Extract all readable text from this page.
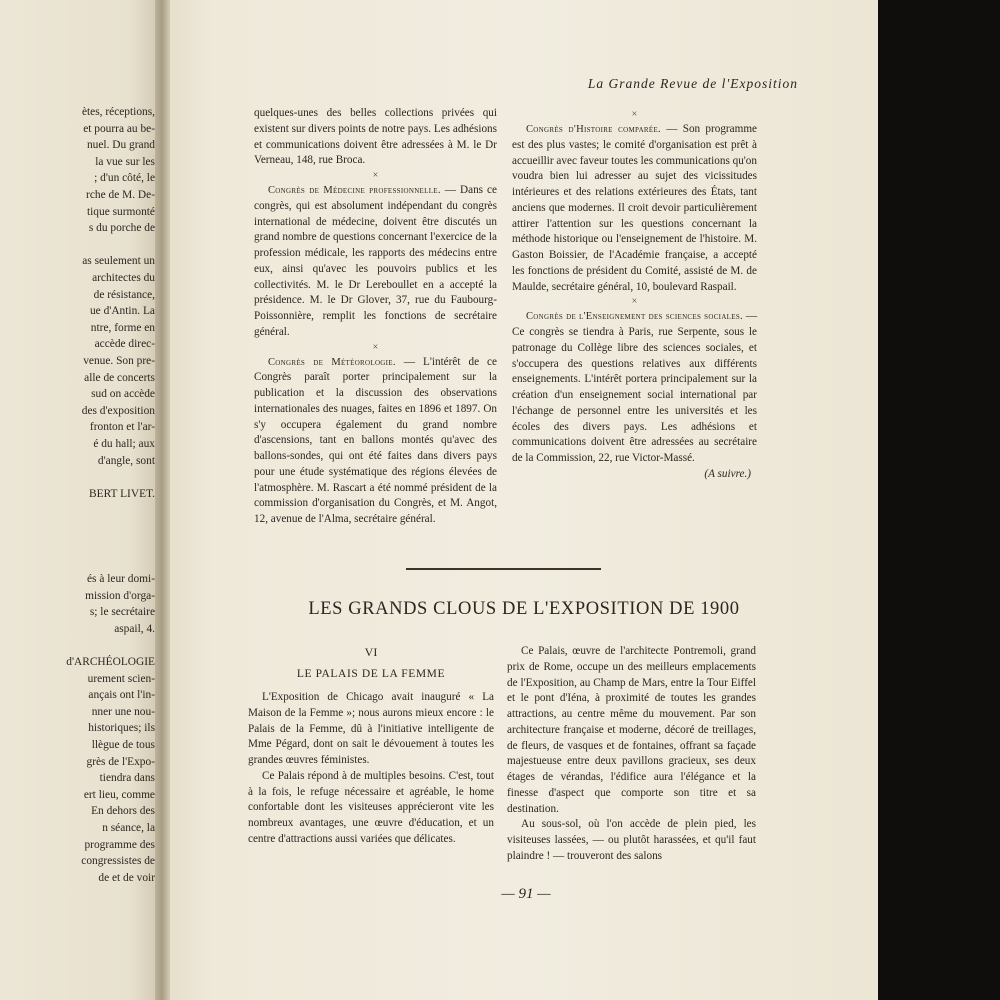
ètes, réceptions,
et pourra au be-
nuel. Du grand
la vue sur les
; d'un côté, le
rche de M. De-
tique surmonté
s du porche de
as seulement un
architectes du
de résistance,
ue d'Antin. La
ntre, forme en
accède direc-
venue. Son pre-
alle de concerts
sud on accède
des d'exposition
fronton et l'ar-
é du hall; aux
d'angle, sont
BERT LIVET.
és à leur domi-
mission d'orga-
s; le secrétaire
aspail, 4.
d'ARCHÉOLOGIE
urement scien-
ançais ont l'in-
nner une nou-
historiques; ils
llègue de tous
grès de l'Expo-
tiendra dans
ert lieu, comme
En dehors des
n séance, la
programme des
congressistes de
de et de voir
La Grande Revue de l'Exposition

quelques-unes des belles collections privées qui existent sur divers points de notre pays. Les adhésions et communications doivent être adressées à M. le Dr Verneau, 148, rue Broca.

×

Congrès de Médecine professionnelle. — Dans ce congrès, qui est absolument indépendant du congrès international de médecine, doivent être discutés un grand nombre de questions concernant l'exercice de la profession médicale, les rapports des médecins entre eux, ainsi qu'avec les pouvoirs publics et les collectivités. M. le Dr Lereboullet en a accepté la présidence. M. le Dr Glover, 37, rue du Faubourg-Poissonnière, remplit les fonctions de secrétaire général.

×

Congrès de Météorologie. — L'intérêt de ce Congrès paraît porter principalement sur la publication et la discussion des observations internationales des nuages, faites en 1896 et 1897. On s'y occupera également du grand nombre d'ascensions, tant en ballons montés qu'avec des ballons-sondes, qui ont été faites dans divers pays pour une étude systématique des régions élevées de l'atmosphère. M. Rascart a été nommé président de la commission d'organisation du Congrès, et M. Angot, 12, avenue de l'Alma, secrétaire général.

×

Congrès d'Histoire comparée. — Son programme est des plus vastes; le comité d'organisation est prêt à accueillir avec faveur toutes les communications qu'on voudra bien lui adresser au sujet des vicissitudes intérieures et des relations extérieures des États, tant anciens que modernes. Il croit devoir particulièrement attirer l'attention sur les questions concernant la méthode historique ou l'enseignement de l'histoire. M. Gaston Boissier, de l'Académie française, a accepté les fonctions de président du Comité, assisté de M. de Maulde, secrétaire général, 10, boulevard Raspail.

×

Congrès de l'Enseignement des sciences sociales. — Ce congrès se tiendra à Paris, rue Serpente, sous le patronage du Collège libre des sciences sociales, et s'occupera des questions relatives aux différents enseignements. L'intérêt portera principalement sur la création d'un enseignement social international par l'échange de personnel entre les universités et les écoles des divers pays. Les adhésions et communications doivent être adressées au secrétaire de la Commission, 22, rue Victor-Massé.

(A suivre.)

LES GRANDS CLOUS DE L'EXPOSITION DE 1900

VI

LE PALAIS DE LA FEMME

L'Exposition de Chicago avait inauguré « La Maison de la Femme »; nous aurons mieux encore : le Palais de la Femme, dû à l'initiative intelligente de Mme Pégard, dont on sait le dévouement à toutes les grandes œuvres féministes.

Ce Palais répond à de multiples besoins. C'est, tout à la fois, le refuge nécessaire et agréable, le home confortable dont les visiteuses apprécieront vite les nombreux avantages, une œuvre d'éducation, et un centre d'attractions aussi variées que délicates.

Ce Palais, œuvre de l'architecte Pontremoli, grand prix de Rome, occupe un des meilleurs emplacements de l'Exposition, au Champ de Mars, entre la Tour Eiffel et le pont d'Iéna, à proximité de toutes les grandes attractions, au centre même du mouvement. Par son architecture française et moderne, décoré de treillages, de fleurs, de vasques et de fontaines, offrant sa façade majestueuse entre deux pavillons gracieux, ses deux étages de vérandas, l'édifice aura l'élégance et la finesse d'aspect que comporte son titre et sa destination.

Au sous-sol, où l'on accède de plein pied, les visiteuses lassées, — ou plutôt harassées, et qu'il faut plaindre ! — trouveront des salons

— 91 —
